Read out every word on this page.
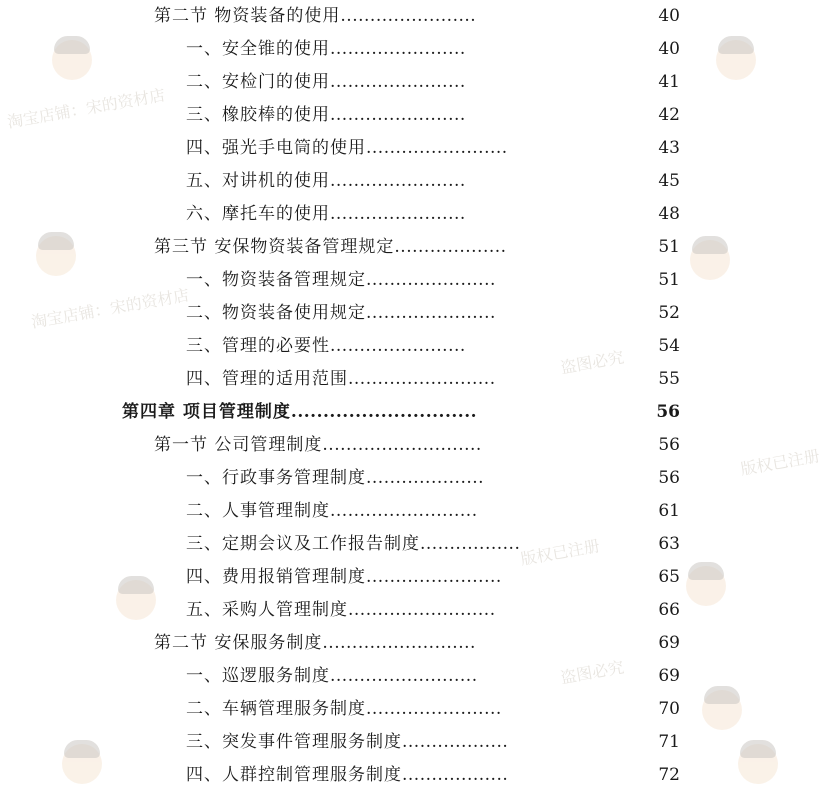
淘宝店铺：宋的资材店
盗图必究
版权已注册
淘宝店铺：宋的资材店
盗图必究
版权已注册
第二节 物资装备的使用.......................	40
一、安全锥的使用.......................	40
二、安检门的使用.......................	41
三、橡胶棒的使用.......................	42
四、强光手电筒的使用........................	43
五、对讲机的使用.......................	45
六、摩托车的使用.......................	48
第三节 安保物资装备管理规定...................	51
一、物资装备管理规定......................	51
二、物资装备使用规定......................	52
三、管理的必要性.......................	54
四、管理的适用范围.........................	55
第四章 项目管理制度.............................	56
第一节 公司管理制度...........................	56
一、行政事务管理制度....................	56
二、人事管理制度.........................	61
三、定期会议及工作报告制度.................	63
四、费用报销管理制度.......................	65
五、采购人管理制度.........................	66
第二节 安保服务制度..........................	69
一、巡逻服务制度.........................	69
二、车辆管理服务制度.......................	70
三、突发事件管理服务制度..................	71
四、人群控制管理服务制度..................	72
